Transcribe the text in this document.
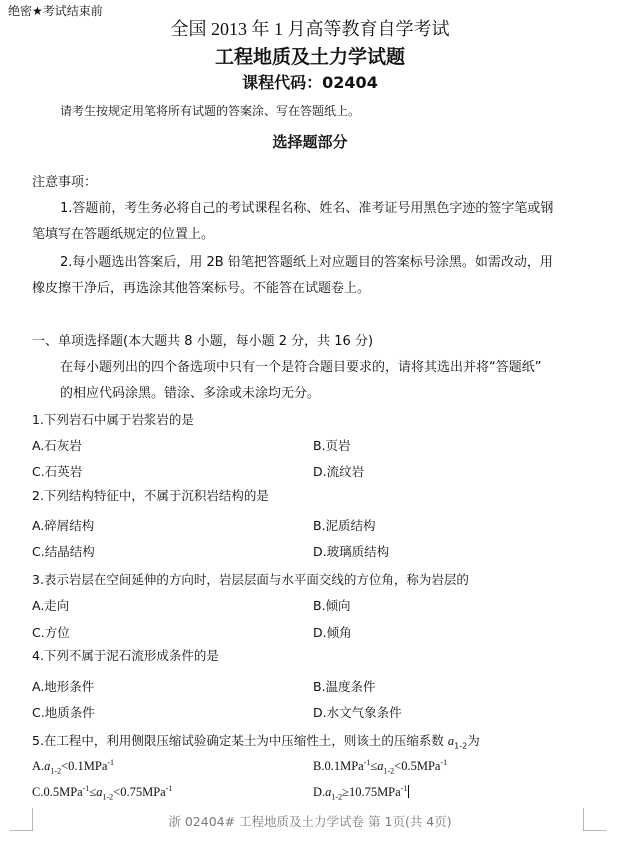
绝密★考试结束前
全国 2013 年 1 月高等教育自学考试
工程地质及土力学试题
课程代码：02404
请考生按规定用笔将所有试题的答案涂、写在答题纸上。
选择题部分
注意事项：
1.答题前，考生务必将自己的考试课程名称、姓名、准考证号用黑色字迹的签字笔或钢
笔填写在答题纸规定的位置上。
2.每小题选出答案后，用 2B 铅笔把答题纸上对应题目的答案标号涂黑。如需改动，用
橡皮擦干净后，再选涂其他答案标号。不能答在试题卷上。
一、单项选择题(本大题共 8 小题，每小题 2 分，共 16 分)
在每小题列出的四个备选项中只有一个是符合题目要求的，请将其选出并将“答题纸”
的相应代码涂黑。错涂、多涂或未涂均无分。
1.下列岩石中属于岩浆岩的是
A.石灰岩	B.页岩
C.石英岩	D.流纹岩
2.下列结构特征中，不属于沉积岩结构的是
A.碎屑结构	B.泥质结构
C.结晶结构	D.玻璃质结构
3.表示岩层在空间延伸的方向时，岩层层面与水平面交线的方位角，称为岩层的
A.走向	B.倾向
C.方位	D.倾角
4.下列不属于泥石流形成条件的是
A.地形条件	B.温度条件
C.地质条件	D.水文气象条件
5.在工程中，利用侧限压缩试验确定某土为中压缩性土，则该土的压缩系数 $a_{1-2}$为
$A.a_{1-2}<0.1MPa^{-1}$	$B.0.1MPa^{-1}\le a_{1-2}<0.5MPa^{-1}$
$C.0.5MPa^{-1}\le a_{1-2}<0.75MPa^{-1}$	$D.a_{1-2}\ge 10.75MPa^{-1}$
浙 02404# 工程地质及土力学试卷 第 1页(共 4页)
